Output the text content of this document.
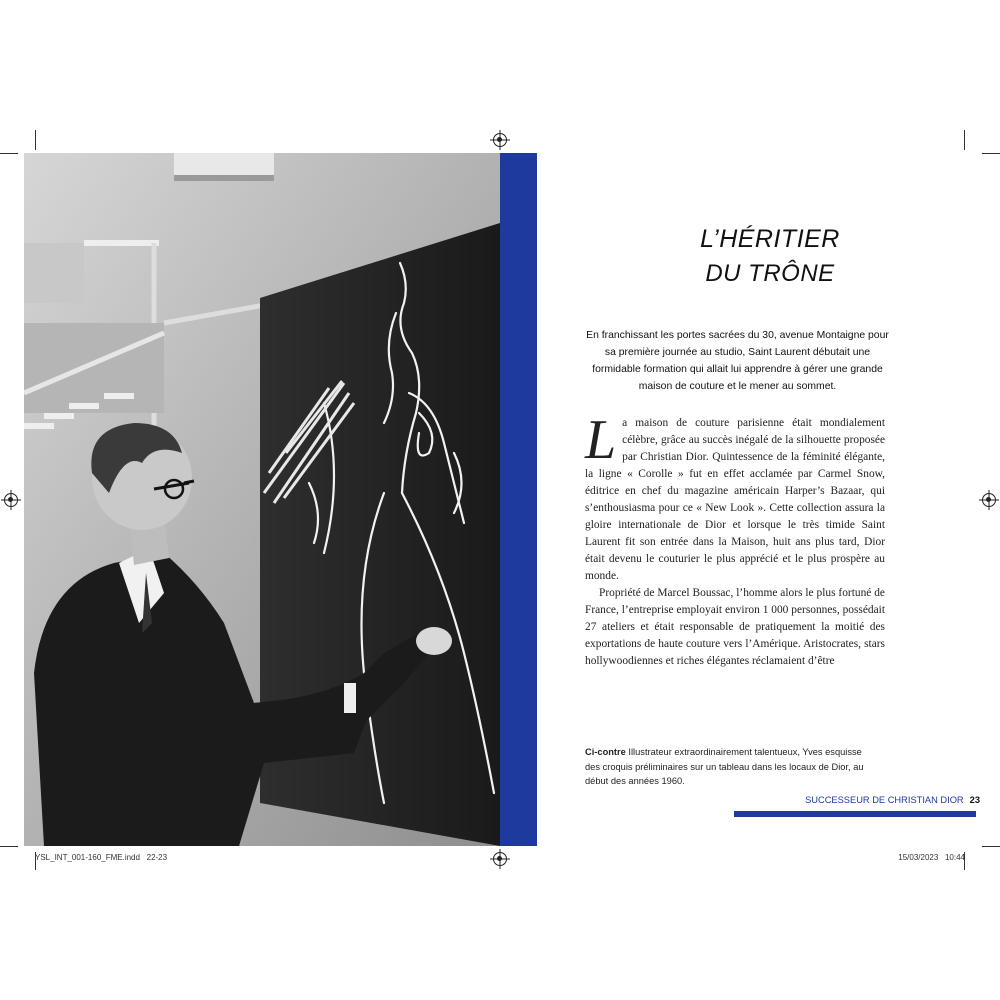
L’HÉRITIER
DU TRÔNE
En franchissant les portes sacrées du 30, avenue Montaigne pour sa première journée au studio, Saint Laurent débutait une formidable formation qui allait lui apprendre à gérer une grande maison de couture et le mener au sommet.

La maison de couture parisienne était mondialement célèbre, grâce au succès inégalé de la silhouette proposée par Christian Dior. Quintessence de la féminité élégante, la ligne « Corolle » fut en effet acclamée par Carmel Snow, éditrice en chef du magazine américain Harper’s Bazaar, qui s’enthousiasma pour ce « New Look ». Cette collection assura la gloire internationale de Dior et lorsque le très timide Saint Laurent fit son entrée dans la Maison, huit ans plus tard, Dior était devenu le couturier le plus apprécié et le plus prospère au monde.

Propriété de Marcel Boussac, l’homme alors le plus fortuné de France, l’entreprise employait environ 1 000 personnes, possédait 27 ateliers et était responsable de pratiquement la moitié des exportations de haute couture vers l’Amérique. Aristocrates, stars hollywoodiennes et riches élégantes réclamaient d’être

Ci-contre Illustrateur extraordinairement talentueux, Yves esquisse des croquis préliminaires sur un tableau dans les locaux de Dior, au début des années 1960.
SUCCESSEUR DE CHRISTIAN DIOR 23
YSL_INT_001-160_FME.indd   22-23	15/03/2023   10:44
